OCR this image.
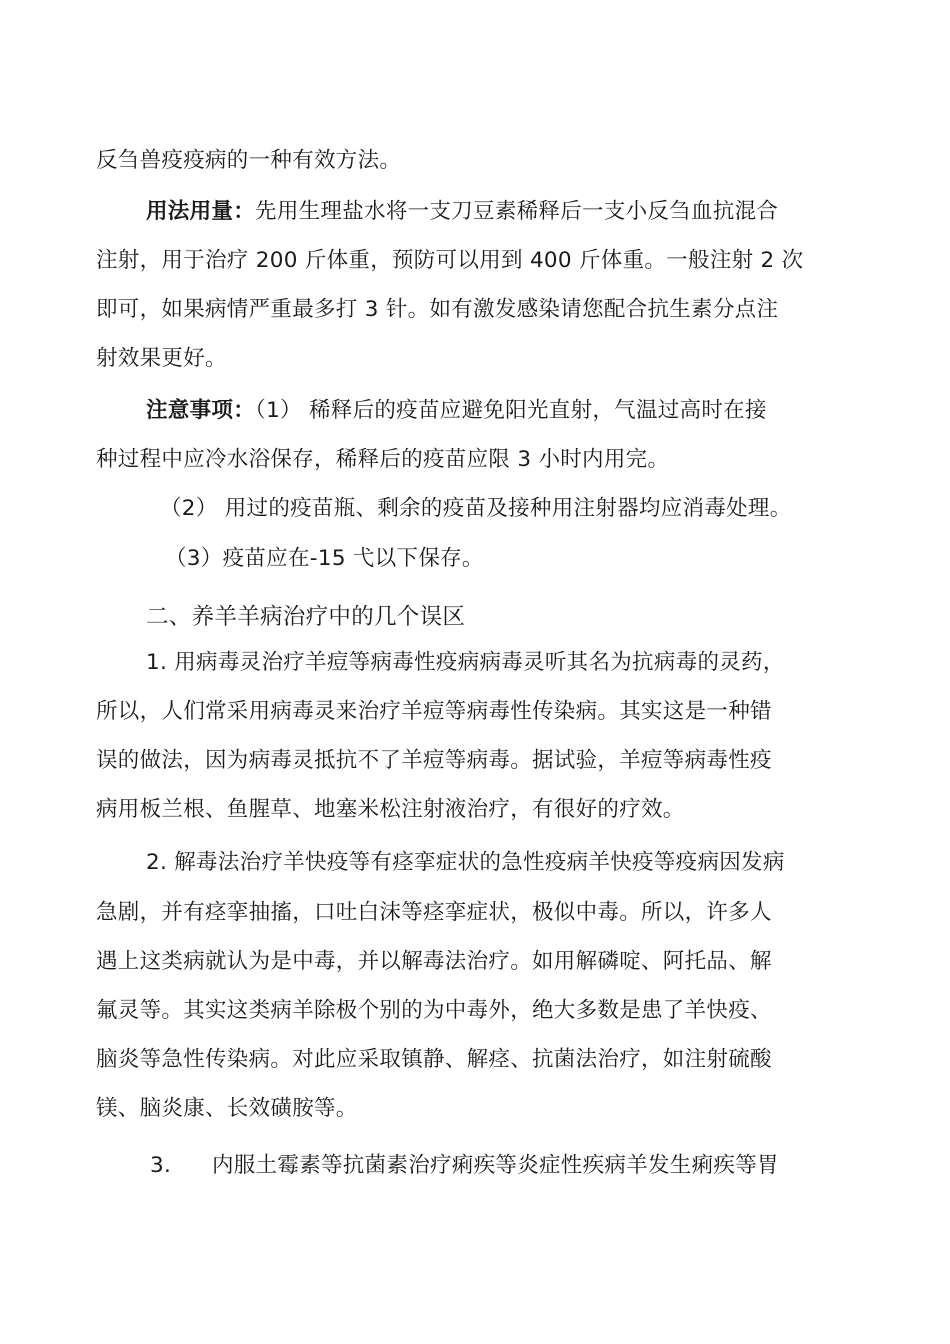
反刍兽疫疫病的一种有效方法。
用法用量：先用生理盐水将一支刀豆素稀释后一支小反刍血抗混合
注射，用于治疗 200 斤体重，预防可以用到 400 斤体重。一般注射 2 次
即可，如果病情严重最多打 3 针。如有激发感染请您配合抗生素分点注
射效果更好。
注意事项：（1） 稀释后的疫苗应避免阳光直射，气温过高时在接
种过程中应冷水浴保存，稀释后的疫苗应限 3 小时内用完。
（2） 用过的疫苗瓶、剩余的疫苗及接种用注射器均应消毒处理。
（3）疫苗应在-15 弋以下保存。
二、养羊羊病治疗中的几个误区
1. 用病毒灵治疗羊痘等病毒性疫病病毒灵听其名为抗病毒的灵药，
所以，人们常采用病毒灵来治疗羊痘等病毒性传染病。其实这是一种错
误的做法，因为病毒灵抵抗不了羊痘等病毒。据试验，羊痘等病毒性疫
病用板兰根、鱼腥草、地塞米松注射液治疗，有很好的疗效。
2. 解毒法治疗羊快疫等有痉挛症状的急性疫病羊快疫等疫病因发病
急剧，并有痉挛抽搐，口吐白沫等痉挛症状，极似中毒。所以，许多人
遇上这类病就认为是中毒，并以解毒法治疗。如用解磷啶、阿托品、解
氟灵等。其实这类病羊除极个别的为中毒外，绝大多数是患了羊快疫、
脑炎等急性传染病。对此应采取镇静、解痉、抗菌法治疗，如注射硫酸
镁、脑炎康、长效磺胺等。
3. 内服土霉素等抗菌素治疗痢疾等炎症性疾病羊发生痢疾等胃
